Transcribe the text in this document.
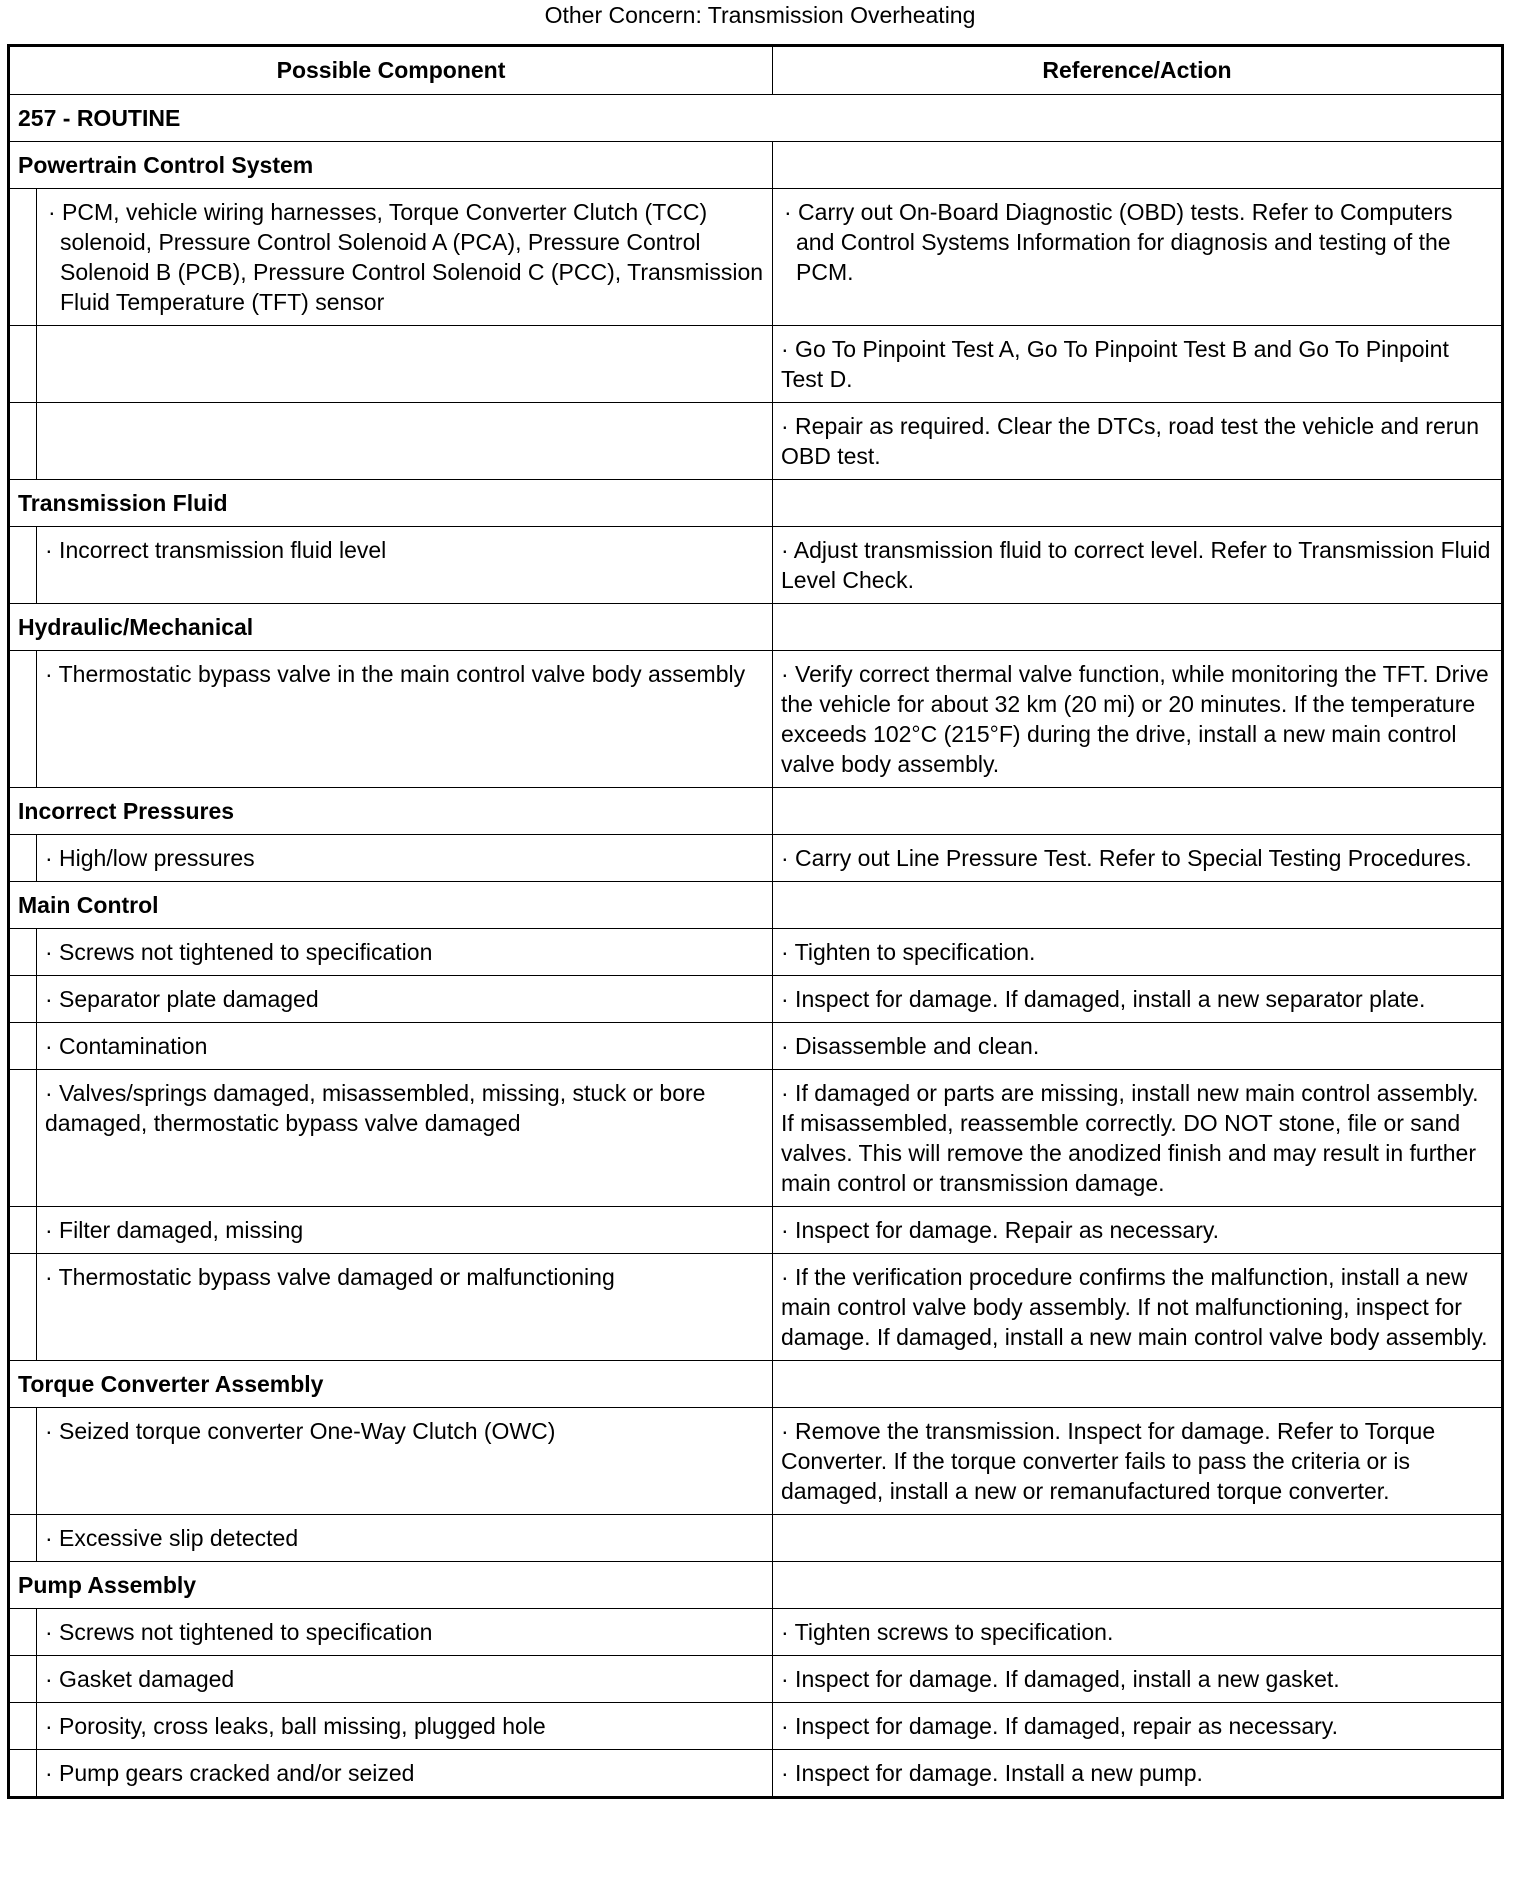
Other Concern: Transmission Overheating
Possible Component		Reference/Action
257 - ROUTINE		
Powertrain Control System		

	· PCM, vehicle wiring harnesses, Torque Converter Clutch (TCC) solenoid, Pressure Control Solenoid A (PCA), Pressure Control Solenoid B (PCB), Pressure Control Solenoid C (PCC), Transmission Fluid Temperature (TFT) sensor	· Carry out On-Board Diagnostic (OBD) tests. Refer to Computers and Control Systems Information for diagnosis and testing of the PCM.

		· Go To Pinpoint Test A, Go To Pinpoint Test B and Go To Pinpoint Test D.
		· Repair as required. Clear the DTCs, road test the vehicle and rerun OBD test.
Transmission Fluid		
	· Incorrect transmission fluid level	· Adjust transmission fluid to correct level. Refer to Transmission Fluid Level Check.
Hydraulic/Mechanical		
	· Thermostatic bypass valve in the main control valve body assembly	· Verify correct thermal valve function, while monitoring the TFT. Drive the vehicle for about 32 km (20 mi) or 20 minutes. If the temperature exceeds 102°C (215°F) during the drive, install a new main control valve body assembly.
Incorrect Pressures		
	· High/low pressures	· Carry out Line Pressure Test. Refer to Special Testing Procedures.
Main Control		
	· Screws not tightened to specification	· Tighten to specification.
	· Separator plate damaged	· Inspect for damage. If damaged, install a new separator plate.
	· Contamination	· Disassemble and clean.
	· Valves/springs damaged, misassembled, missing, stuck or bore damaged, thermostatic bypass valve damaged	· If damaged or parts are missing, install new main control assembly. If misassembled, reassemble correctly. DO NOT stone, file or sand valves. This will remove the anodized finish and may result in further main control or transmission damage.
	· Filter damaged, missing	· Inspect for damage. Repair as necessary.
	· Thermostatic bypass valve damaged or malfunctioning	· If the verification procedure confirms the malfunction, install a new main control valve body assembly. If not malfunctioning, inspect for damage. If damaged, install a new main control valve body assembly.
Torque Converter Assembly		
	· Seized torque converter One-Way Clutch (OWC)	· Remove the transmission. Inspect for damage. Refer to Torque Converter. If the torque converter fails to pass the criteria or is damaged, install a new or remanufactured torque converter.
	· Excessive slip detected	
Pump Assembly		
	· Screws not tightened to specification	· Tighten screws to specification.
	· Gasket damaged	· Inspect for damage. If damaged, install a new gasket.
	· Porosity, cross leaks, ball missing, plugged hole	· Inspect for damage. If damaged, repair as necessary.
	· Pump gears cracked and/or seized	· Inspect for damage. Install a new pump.
